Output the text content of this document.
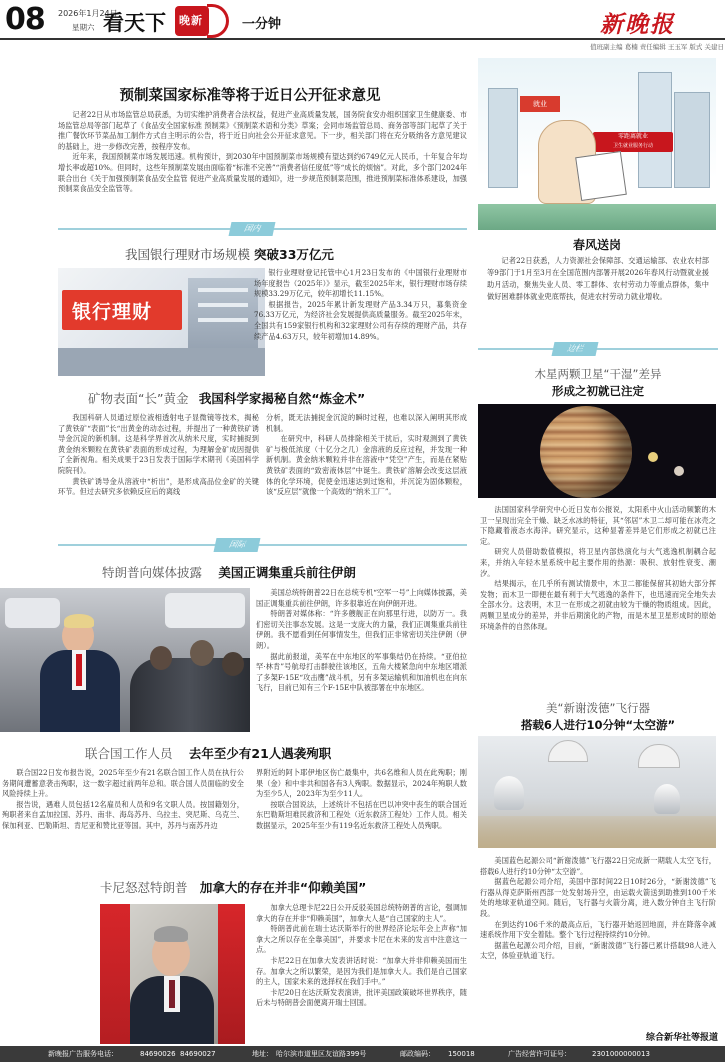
08 2026年1月24日
星期六 看天下 晚新	一分钟	新晚报
值班副主编 葛楠 责任编辑 王玉军 版式 关建日
预制菜国家标准等将于近日公开征求意见

记者22日从市场监管总局获悉，为切实维护消费者合法权益，促进产业高质量发展，国务院食安办组织国家卫生健康委、市场监管总局等部门起草了《食品安全国家标准 预制菜》《预制菜术语和分类》草案；会同市场监管总局、商务部等部门起草了关于推广餐饮环节菜品加工制作方式自主明示的公告，将于近日向社会公开征求意见。下一步，相关部门将在充分吸纳各方意见建议的基础上，进一步修改完善，按程序发布。

近年来，我国预制菜市场发展迅速。机构预计，到2030年中国预制菜市场规模有望达到约6749亿元人民币，十年复合年均增长率或超10%。但同时，这些年预制菜发展由面临着“标准不完善”“消费者信任度低”等“成长的烦恼”。对此，多个部门2024年联合出台《关于加强预制菜食品安全监管 促进产业高质量发展的通知》，进一步规范预制菜范围，推进预制菜标准体系建设，加强预制菜食品安全监管等。

国内
我国银行理财市场规模 突破33万亿元
银行理财

银行业理财登记托管中心1月23日发布的《中国银行业理财市场年度报告（2025年）》显示，截至2025年末，银行理财市场存续规模33.29万亿元，较年初增长11.15%。

根据报告，2025年累计新发理财产品3.34万只，募集资金76.33万亿元，为经济社会发展提供高质量服务。截至2025年末，全国共有159家银行机构和32家理财公司有存续的理财产品，共存续产品4.63万只，较年初增加14.89%。

矿物表面“长”黄金 我国科学家揭秘自然“炼金术”

我国科研人员通过原位液相透射电子显微镜等技术，揭秘了黄铁矿“表面”长“出黄金的动态过程，并提出了一种黄铁矿诱导金沉淀的新机制。这是科学界首次从纳米尺度，实时捕捉到黄金纳米颗粒在黄铁矿表面的形成过程，为理解金矿成因提供了全新视角。相关成果于23日发表于国际学术期刊《美国科学院院刊》。

黄铁矿诱导金从溶液中“析出”，是形成高品位金矿的关键环节。但过去研究多依赖反应后的离线

分析，既无法捕捉金沉淀的瞬时过程，也难以深入阐明其形成机制。

在研究中，科研人员排除相关干扰后，实时观测到了黄铁矿与极低浓度（十亿分之几）金溶液的反应过程，并发现一种新机制。黄金纳米颗粒并非在溶液中“凭空”产生，而是在紧贴黄铁矿表面的“致密液体层”中诞生。黄铁矿溶解会改变这层液体的化学环境，促使金迅速达到过饱和，并沉淀为固体颗粒，该“反应层”就像一个高效的“纳米工厂”。

国际
特朗普向媒体披露 美国正调集重兵前往伊朗

美国总统特朗普22日在总统专机“空军一号”上向媒体披露，美国正调集重兵前往伊朗，许多很靠近在向伊朗开进。

特朗普对媒体称：“许多艘舰正在向那里行进，以防万一。我们密切关注事态发展。这是一支庞大的力量，我们正调集重兵前往伊朗。我不愿看到任何事情发生，但我们正非常密切关注伊朗（伊朗）。

据此前报道，美军在中东地区的军事集结仍在持续。“亚伯拉罕·林肯”号航母打击群驶往该地区，五角大楼紧急向中东地区增派了多架F-15E“攻击鹰”战斗机，另有多架运输机和加油机也在向东飞行，目前已知有三个F-15E中队被部署在中东地区。

联合国工作人员 去年至少有21人遇袭殉职

联合国22日发布报告说，2025年至少有21名联合国工作人员在执行公务期间遭蓄意袭击殉职，这一数字超过前两年总和。联合国人员面临的安全风险持续上升。

报告说，遇难人员包括12名雇员和人员和9名文职人员。按国籍划分，殉职者来自孟加拉国、苏丹、南非、海岛苏丹、乌拉圭、突尼斯、乌克兰、保加利亚、巴勒斯坦、肯尼亚和赞比亚等国。其中，苏丹与南苏丹边

界附近的阿卜耶伊地区伤亡最集中，共6名维和人员在此殉职；刚果（金）和中非共和国各有3人殉职。数据显示，2024年殉职人数为至少5人，2023年为至少11人。

按联合国说法，上述统计不包括在巴以冲突中丧生的联合国近东巴勒斯坦难民救济和工程处（近东救济工程处）工作人员。相关数据显示，2025年至少有119名近东救济工程处人员殉职。

卡尼怒怼特朗普 加拿大的存在并非“仰赖美国”

加拿大总理卡尼22日公开反驳美国总统特朗普的言论，强调加拿大的存在并非“仰赖美国”，加拿大人是“自己国家的主人”。

特朗普此前在瑞士达沃斯举行的世界经济论坛年会上声称“加拿大之所以存在全靠美国”，并要求卡尼在未来的发言中注意这一点。

卡尼22日在加拿大发表讲话时说：“加拿大并非仰赖美国而生存。加拿大之所以繁荣，是因为我们是加拿大人。我们是自己国家的主人，国家未来的选择权在我们手中。”

卡尼20日在达沃斯发表演讲，批评美国政策破坏世界秩序，随后未与特朗普会面便离开瑞士回国。

就业
零距离就业
卫生就业服务行动
春风送岗
记者22日获悉，人力资源社会保障部、交通运输部、农业农村部等9部门于1月至3月在全国范围内部署开展2026年春风行动暨就业援助月活动，聚焦失业人员、零工群体、农村劳动力等重点群体，集中做好困难群体就业兜底帮扶，促进农村劳动力就业增收。
边栏
木星两颗卫星“干湿”差异
形成之初就已注定

法国国家科学研究中心近日发布公报说，太阳系中火山活动频繁的木卫一呈现出完全干燥、缺乏水冰的特征，其“邻居”木卫二却可能在冰壳之下隐藏着液态水海洋。研究显示，这种显著差异是它们形成之初就已注定。

研究人员借助数值模拟，将卫星内部热演化与大气逃逸机制耦合起来，并纳入年轻木星系统中起主要作用的热源：吸积、放射性衰变、潮汐。

结果揭示，在几乎所有测试情景中，木卫二都能保留其初始大部分挥发物；而木卫一即便在最有利于大气逃逸的条件下，也迅速而完全地失去全部水分。这表明，木卫一在形成之初就由较为干燥的物质组成。因此，两颗卫星成分的差异，并非后期演化的产物，而是木星卫星形成时的原始环境条件的自然体现。

美“新谢泼德”飞行器
搭载6人进行10分钟“太空游”

美国蓝色起源公司“新谢泼德”飞行器22日完成新一期载人太空飞行，搭载6人进行约10分钟“太空游”。

据蓝色起源公司介绍，美国中部时间22日10时26分，“新谢泼德”飞行器从得克萨斯州西部一处发射场升空，由运载火箭送到助推到100千米处的地球亚轨道空间。随后，飞行器与火箭分离，进入数分钟自主飞行阶段。

在到达约106千米的最高点后，飞行器开始返回地面，并在降落伞减速系统作用下安全着陆。整个飞行过程持续约10分钟。

据蓝色起源公司介绍，目前，“新谢泼德”飞行器已累计搭载98人进入太空，体验亚轨道飞行。

综合新华社等报道
新晚报广告服务电话：	84690026 84690027	地址： 哈尔滨市道里区友谊路399号	邮政编码： 150018	广告经营许可证号：	2301000000013
